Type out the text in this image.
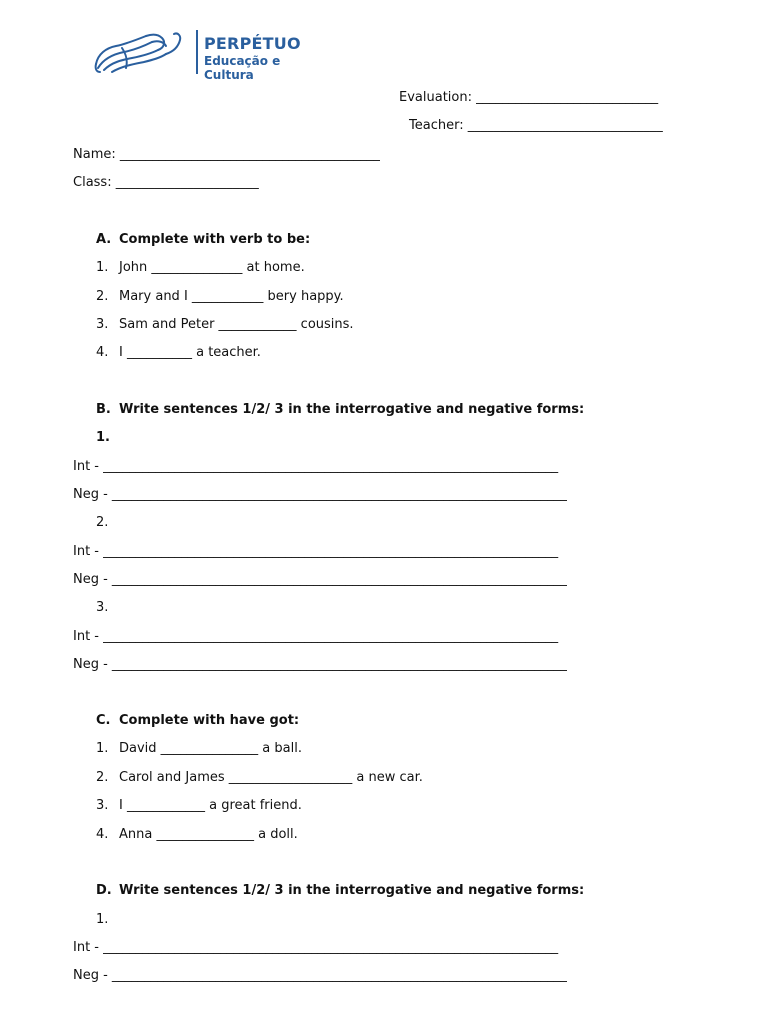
PERPÉTUO
Educação e Cultura
Evaluation: ____________________________
Teacher: ______________________________
Name: ________________________________________
Class: ______________________
A. Complete with verb to be:
1. John ______________ at home.
2. Mary and I ___________ bery happy.
3. Sam and Peter ____________ cousins.
4. I __________ a teacher.
B. Write sentences 1/2/ 3 in the interrogative and negative forms:
1.
Int - ______________________________________________________________________
Neg - ______________________________________________________________________
2.
Int - ______________________________________________________________________
Neg - ______________________________________________________________________
3.
Int - ______________________________________________________________________
Neg - ______________________________________________________________________
C. Complete with have got:
1. David _______________ a ball.
2. Carol and James ___________________ a new car.
3. I ____________ a great friend.
4. Anna _______________ a doll.
D. Write sentences 1/2/ 3 in the interrogative and negative forms:
1.
Int - ______________________________________________________________________
Neg - ______________________________________________________________________
